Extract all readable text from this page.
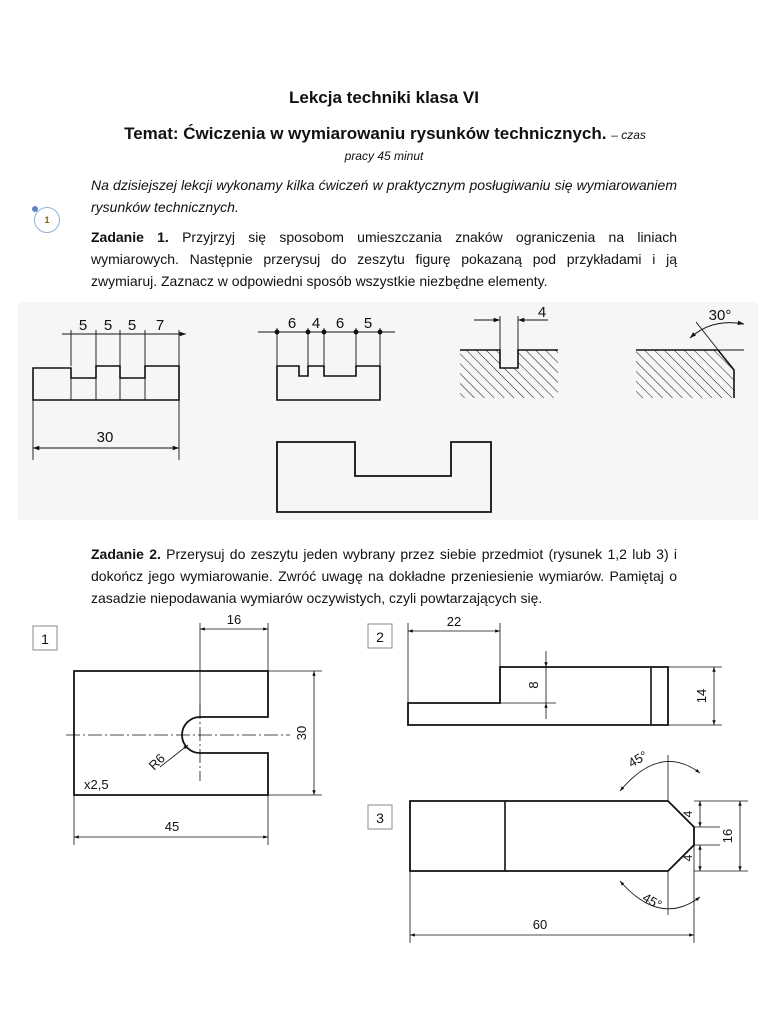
Lekcja techniki klasa VI
Temat: Ćwiczenia w wymiarowaniu rysunków technicznych. – czas
pracy 45 minut
1
Na dzisiejszej lekcji wykonamy kilka ćwiczeń w praktycznym posługiwaniu się wymiarowaniem rysunków technicznych.
Zadanie 1. Przyjrzyj się sposobom umieszczania znaków ograniczenia na liniach wymiarowych. Następnie przerysuj do zeszytu figurę pokazaną pod przykładami i ją zwymiaruj. Zaznacz w odpowiedni sposób wszystkie niezbędne elementy.
5 5 5 7
30
6 4 6 5
4	30°
Zadanie 2. Przerysuj do zeszytu jeden wybrany przez siebie przedmiot (rysunek 1,2 lub 3) i dokończ jego wymiarowanie. Zwróć uwagę na dokładne przeniesienie wymiarów. Pamiętaj o zasadzie niepodawania wymiarów oczywistych, czyli powtarzających się.
1
16
30
R6
x2,5
45
2
22
8
14
3
45°
45°
4
4
16
60
